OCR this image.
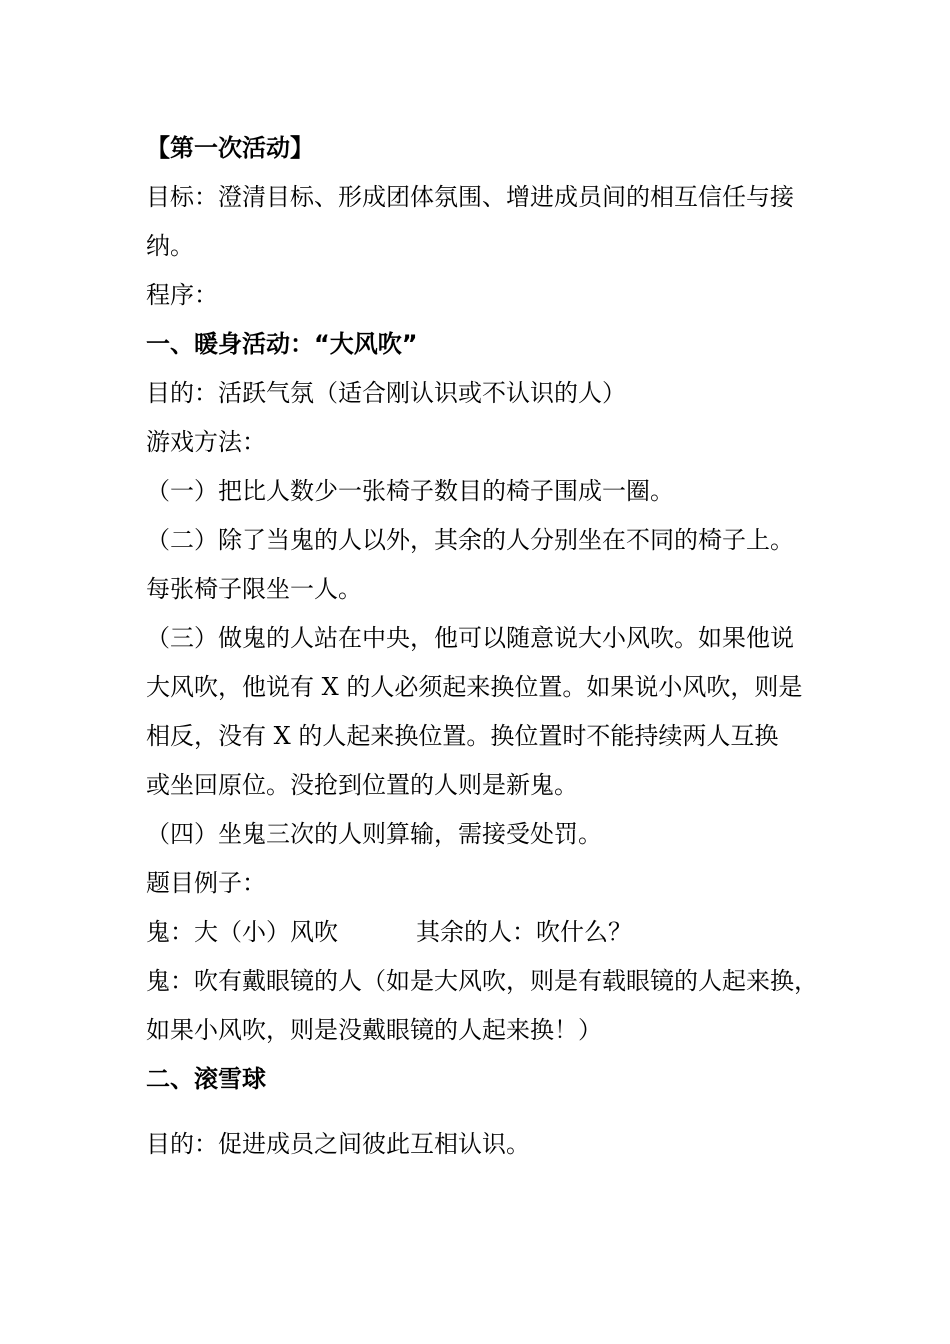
【第一次活动】
目标：澄清目标、形成团体氛围、增进成员间的相互信任与接
纳。
程序：
一、暖身活动：“大风吹”
目的：活跃气氛（适合刚认识或不认识的人）
游戏方法：
（一）把比人数少一张椅子数目的椅子围成一圈。
（二）除了当鬼的人以外，其余的人分别坐在不同的椅子上。
每张椅子限坐一人。
（三）做鬼的人站在中央，他可以随意说大小风吹。如果他说
大风吹，他说有 X 的人必须起来换位置。如果说小风吹，则是
相反，没有 X 的人起来换位置。换位置时不能持续两人互换
或坐回原位。没抢到位置的人则是新鬼。
（四）坐鬼三次的人则算输，需接受处罚。
题目例子：
鬼：大（小）风吹	其余的人：吹什么？
鬼：吹有戴眼镜的人（如是大风吹，则是有载眼镜的人起来换，
如果小风吹，则是没戴眼镜的人起来换！）
二、滚雪球
目的：促进成员之间彼此互相认识。
